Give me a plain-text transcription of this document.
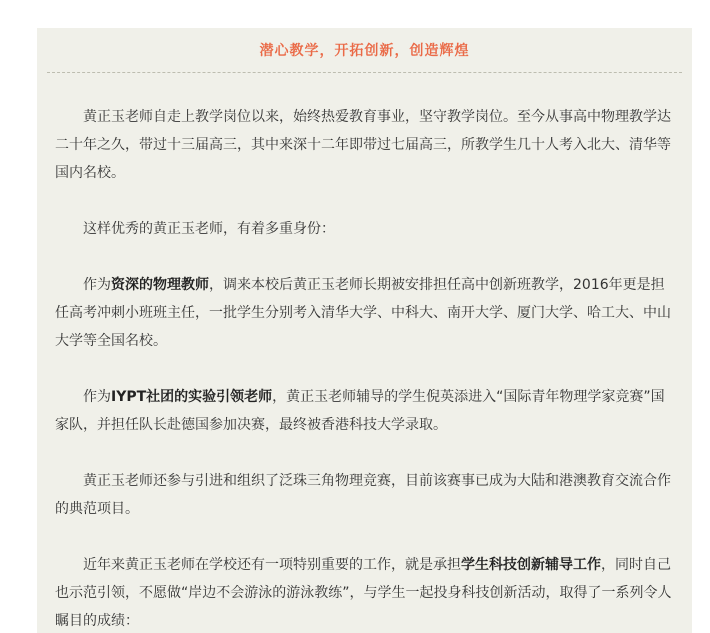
潜心教学，开拓创新，创造辉煌

黄正玉老师自走上教学岗位以来，始终热爱教育事业，坚守教学岗位。至今从事高中物理教学达二十年之久，带过十三届高三，其中来深十二年即带过七届高三，所教学生几十人考入北大、清华等国内名校。

这样优秀的黄正玉老师，有着多重身份：

作为资深的物理教师，调来本校后黄正玉老师长期被安排担任高中创新班教学，2016年更是担任高考冲刺小班班主任，一批学生分别考入清华大学、中科大、南开大学、厦门大学、哈工大、中山大学等全国名校。

作为IYPT社团的实验引领老师，黄正玉老师辅导的学生倪英添进入“国际青年物理学家竞赛”国家队，并担任队长赴德国参加决赛，最终被香港科技大学录取。

黄正玉老师还参与引进和组织了泛珠三角物理竞赛，目前该赛事已成为大陆和港澳教育交流合作的典范项目。

近年来黄正玉老师在学校还有一项特别重要的工作，就是承担学生科技创新辅导工作，同时自己也示范引领，不愿做“岸边不会游泳的游泳教练”，与学生一起投身科技创新活动，取得了一系列令人瞩目的成绩：
